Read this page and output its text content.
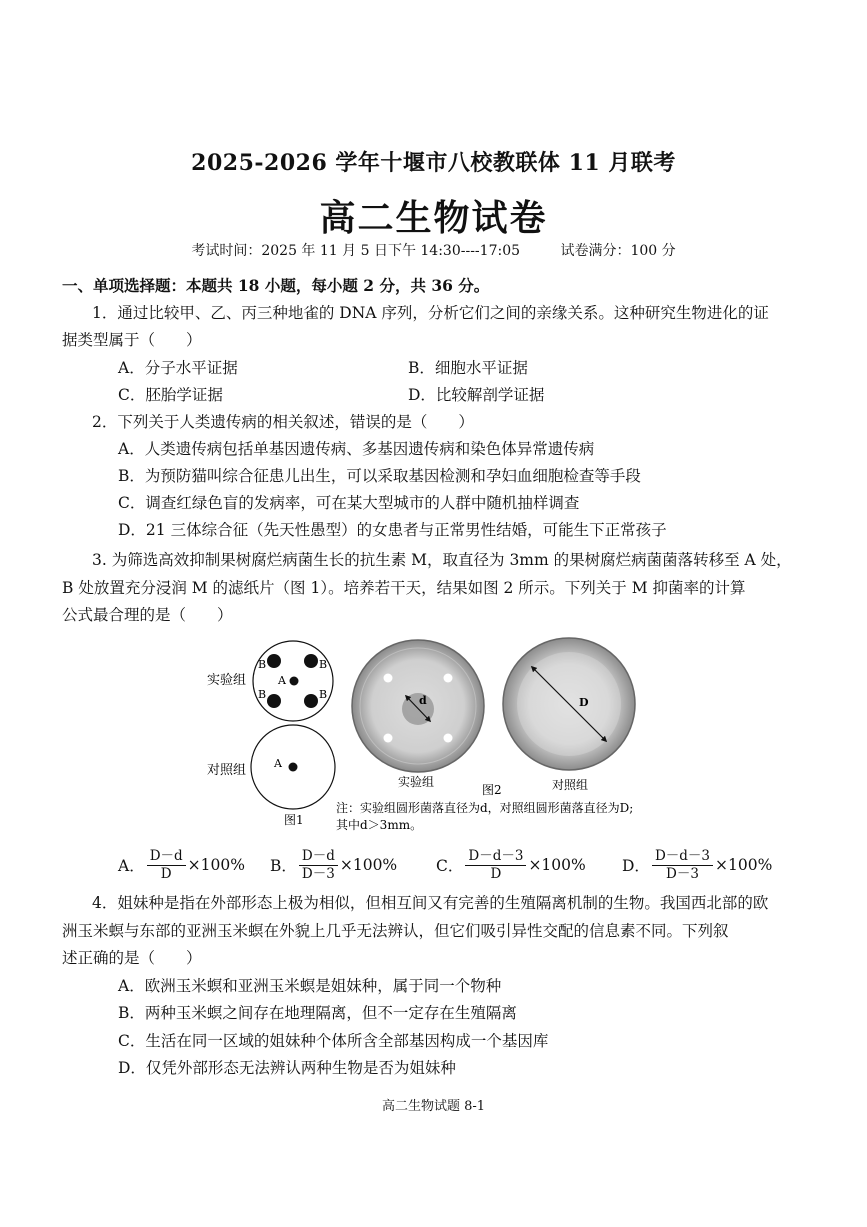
2025-2026 学年十堰市八校教联体 11 月联考
高二生物试卷
考试时间：2025 年 11 月 5 日下午 14:30----17:05	试卷满分：100 分
一、单项选择题：本题共 18 小题，每小题 2 分，共 36 分。
1．通过比较甲、乙、丙三种地雀的 DNA 序列，分析它们之间的亲缘关系。这种研究生物进化的证
据类型属于（　　）
A．分子水平证据	B．细胞水平证据
C．胚胎学证据	D．比较解剖学证据
2．下列关于人类遗传病的相关叙述，错误的是（　　）
A．人类遗传病包括单基因遗传病、多基因遗传病和染色体异常遗传病
B．为预防猫叫综合征患儿出生，可以采取基因检测和孕妇血细胞检查等手段
C．调查红绿色盲的发病率，可在某大型城市的人群中随机抽样调查
D．21 三体综合征（先天性愚型）的女患者与正常男性结婚，可能生下正常孩子
3. 为筛选高效抑制果树腐烂病菌生长的抗生素 M，取直径为 3mm 的果树腐烂病菌菌落转移至 A 处，
B 处放置充分浸润 M 的滤纸片（图 1）。培养若干天，结果如图 2 所示。下列关于 M 抑菌率的计算
公式最合理的是（　　）
实验组
B	B
B	B
A
对照组	A
图1
d
实验组
D
对照组
图2
注：实验组圆形菌落直径为d，对照组圆形菌落直径为D;
其中d＞3mm。
A． $\frac{D-d}{D} \times 100\%$ B． $\frac{D-d}{D-3} \times 100\%$	C． $\frac{D-d-3}{D} \times 100\%$ D． $\frac{D-d-3}{D-3} \times 100\%$
4．姐妹种是指在外部形态上极为相似，但相互间又有完善的生殖隔离机制的生物。我国西北部的欧
洲玉米螟与东部的亚洲玉米螟在外貌上几乎无法辨认，但它们吸引异性交配的信息素不同。下列叙
述正确的是（　　）
A．欧洲玉米螟和亚洲玉米螟是姐妹种，属于同一个物种
B．两种玉米螟之间存在地理隔离，但不一定存在生殖隔离
C．生活在同一区域的姐妹种个体所含全部基因构成一个基因库
D．仅凭外部形态无法辨认两种生物是否为姐妹种
高二生物试题 8-1
